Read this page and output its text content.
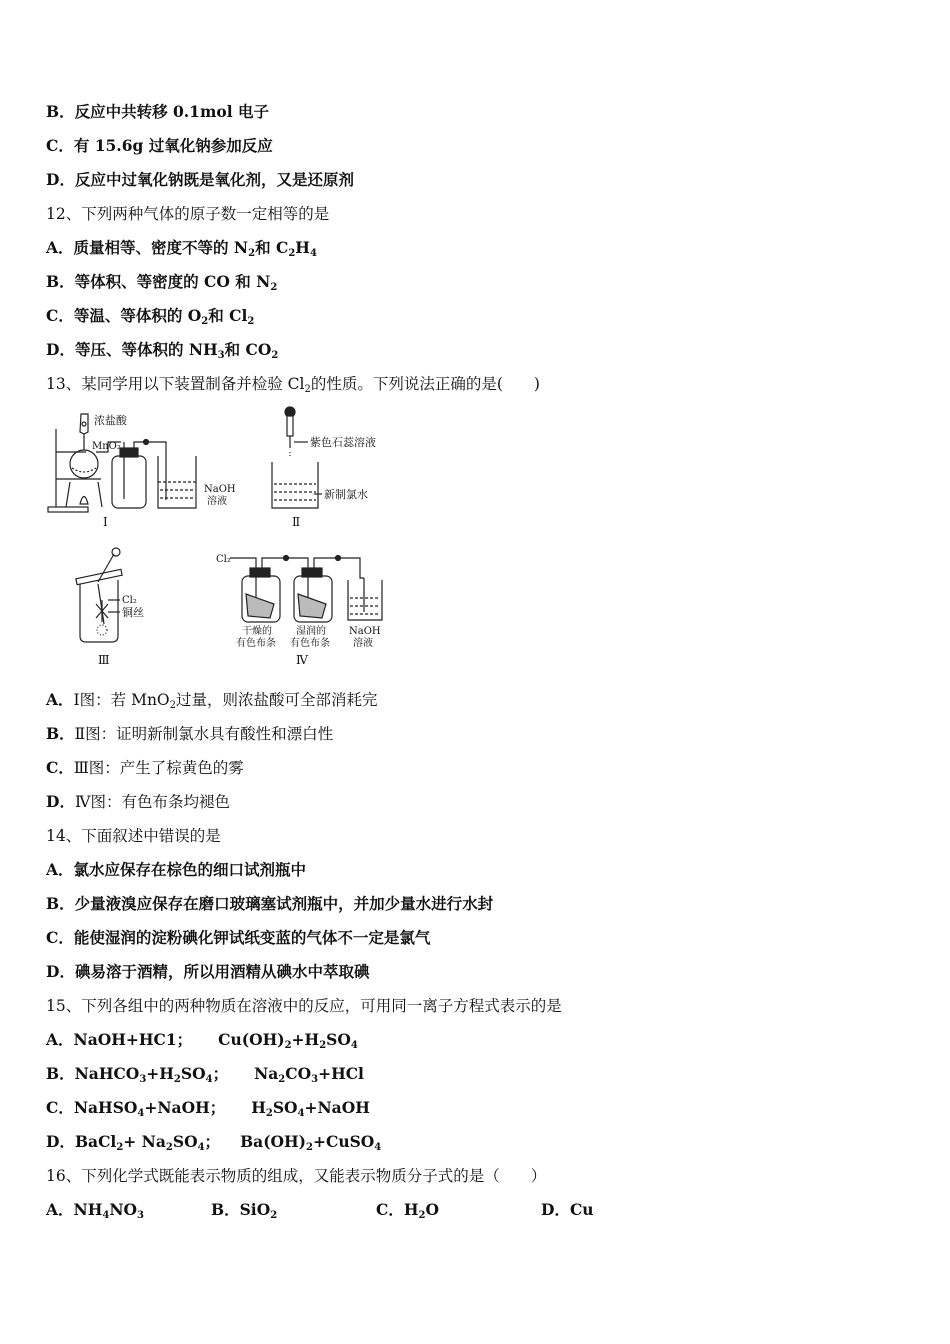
B．反应中共转移 0.1mol 电子
C．有 15.6g 过氧化钠参加反应
D．反应中过氧化钠既是氧化剂，又是还原剂
12、下列两种气体的原子数一定相等的是
A．质量相等、密度不等的 $N_2$和 $C_2H_4$
B．等体积、等密度的 CO 和 $N_2$
C．等温、等体积的 $O_2$和 $Cl_2$
D．等压、等体积的 $NH_3$和 $CO_2$
13、某同学用以下装置制备并检验 $Cl_2$的性质。下列说法正确的是(　　)
浓盐酸
MnO₂
NaOH
溶液
Ⅰ
紫色石蕊溶液
新制氯水
Ⅱ
Cl₂
铜丝
Ⅲ
Cl₂
干燥的
有色布条
湿润的
有色布条
NaOH
溶液
Ⅳ
A．Ⅰ图：若 MnO$_2$过量，则浓盐酸可全部消耗完
B．Ⅱ图：证明新制氯水具有酸性和漂白性
C．Ⅲ图：产生了棕黄色的雾
D．Ⅳ图：有色布条均褪色
14、下面叙述中错误的是
A．氯水应保存在棕色的细口试剂瓶中
B．少量液溴应保存在磨口玻璃塞试剂瓶中，并加少量水进行水封
C．能使湿润的淀粉碘化钾试纸变蓝的气体不一定是氯气
D．碘易溶于酒精，所以用酒精从碘水中萃取碘
15、下列各组中的两种物质在溶液中的反应，可用同一离子方程式表示的是
A．NaOH+HC1； $Cu(OH)_2+H_2SO_4$
B．$NaHCO_3+H_2SO_4$； $Na_2CO_3+HCl$
C．NaHSO$_4$+NaOH； $H_2SO_4+NaOH$
D．BaCl$_2$+ $Na_2SO_4$； $Ba(OH)_2+CuSO_4$
16、下列化学式既能表示物质的组成，又能表示物质分子式的是（　　）
A．$NH_4NO_3$	B．SiO$_2$	C．$H_2O$	D．Cu
